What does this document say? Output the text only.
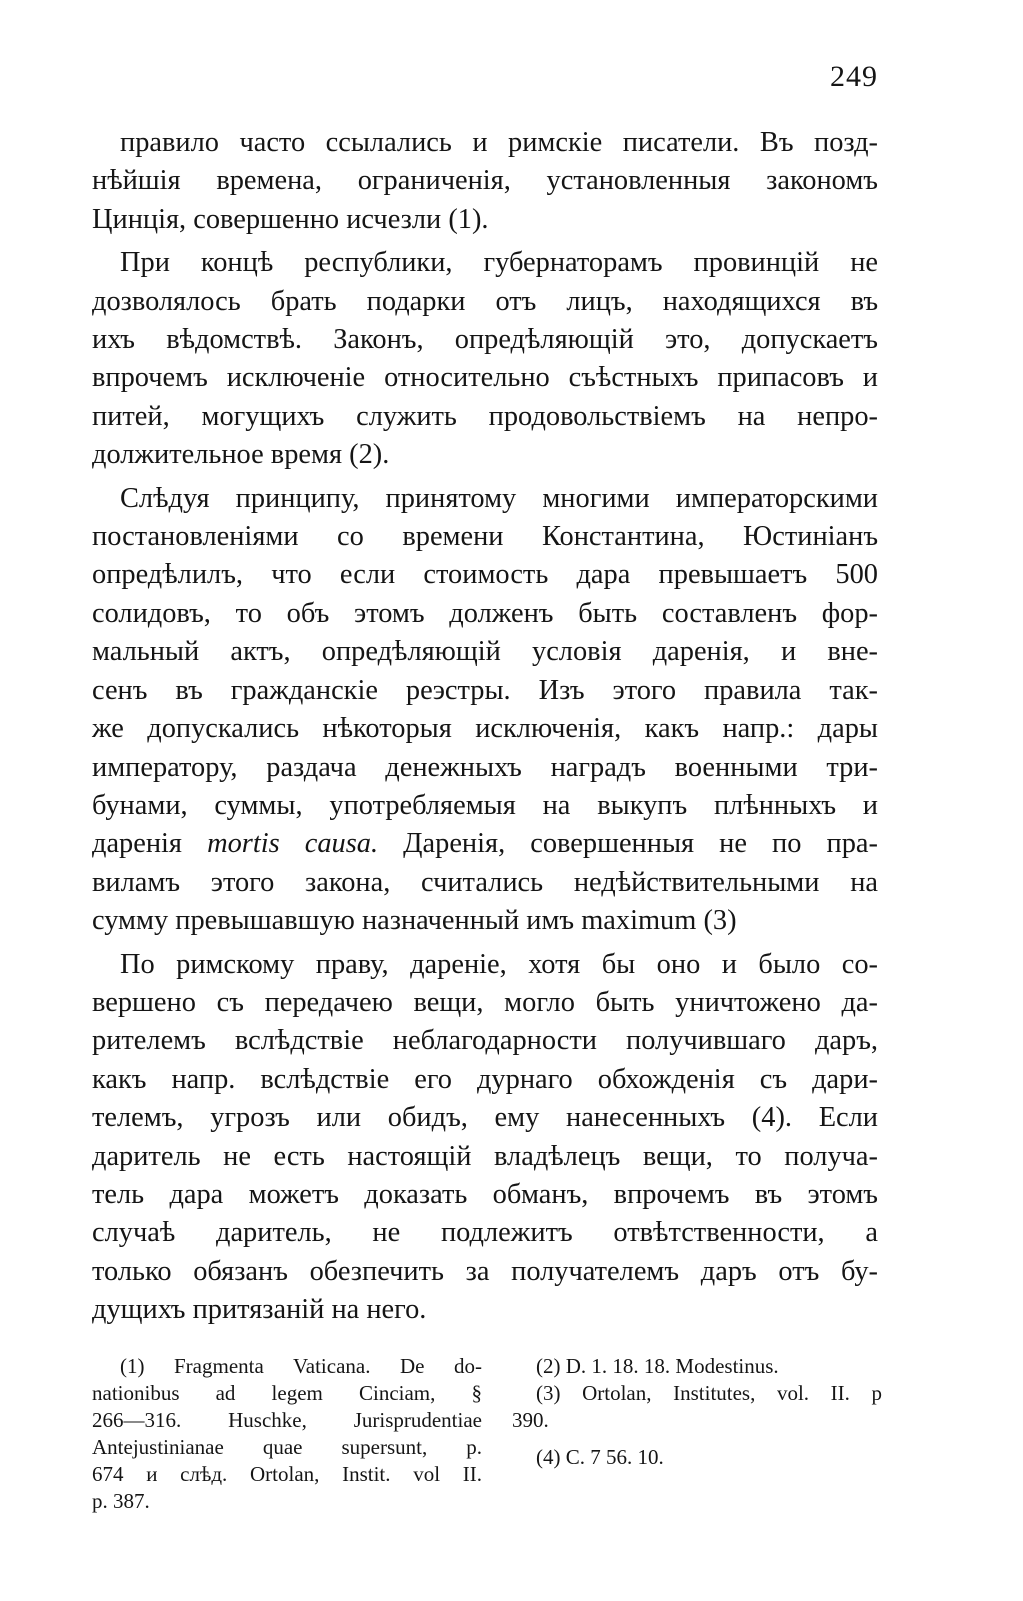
249

правило часто ссылались и римскіе писатели. Въ позд-
нѣйшія времена, ограниченія, установленныя закономъ
Цинція, совершенно исчезли (1).

При концѣ республики, губернаторамъ провинцій не
дозволялось брать подарки отъ лицъ, находящихся въ
ихъ вѣдомствѣ. Законъ, опредѣляющій это, допускаетъ
впрочемъ исключеніе относительно съѣстныхъ припасовъ и
питей, могущихъ служить продовольствіемъ на непро-
должительное время (2).

Слѣдуя принципу, принятому многими императорскими
постановленіями со времени Константина, Юстиніанъ
опредѣлилъ, что если стоимость дара превышаетъ 500
солидовъ, то объ этомъ долженъ быть составленъ фор-
мальный актъ, опредѣляющій условія даренія, и вне-
сенъ въ гражданскіе реэстры. Изъ этого правила так-
же допускались нѣкоторыя исключенія, какъ напр.: дары
императору, раздача денежныхъ наградъ военными три-
бунами, суммы, употребляемыя на выкупъ плѣнныхъ и
даренія mortis causa. Даренія, совершенныя не по пра-
виламъ этого закона, считались недѣйствительными на
сумму превышавшую назначенный имъ maximum (3)

По римскому праву, дареніе, хотя бы оно и было со-
вершено съ передачею вещи, могло быть уничтожено да-
рителемъ вслѣдствіе неблагодарности получившаго даръ,
какъ напр. вслѣдствіе его дурнаго обхожденія съ дари-
телемъ, угрозъ или обидъ, ему нанесенныхъ (4). Если
даритель не есть настоящій владѣлецъ вещи, то получа-
тель дара можетъ доказать обманъ, впрочемъ въ этомъ
случаѣ даритель, не подлежитъ отвѣтственности, а
только обязанъ обезпечить за получателемъ даръ отъ бу-
дущихъ притязаній на него.

(1) Fragmenta Vaticana. De do-
nationibus ad legem Cinciam, §
266—316. Huschke, Jurisprudentiae
Antejustinianae quae supersunt, p.
674 и слѣд. Ortolan, Instit. vol II.
p. 387.
(2) D. 1. 18. 18. Modestinus.
(3) Ortolan, Institutes, vol. II. p
390.
(4) C. 7 56. 10.
